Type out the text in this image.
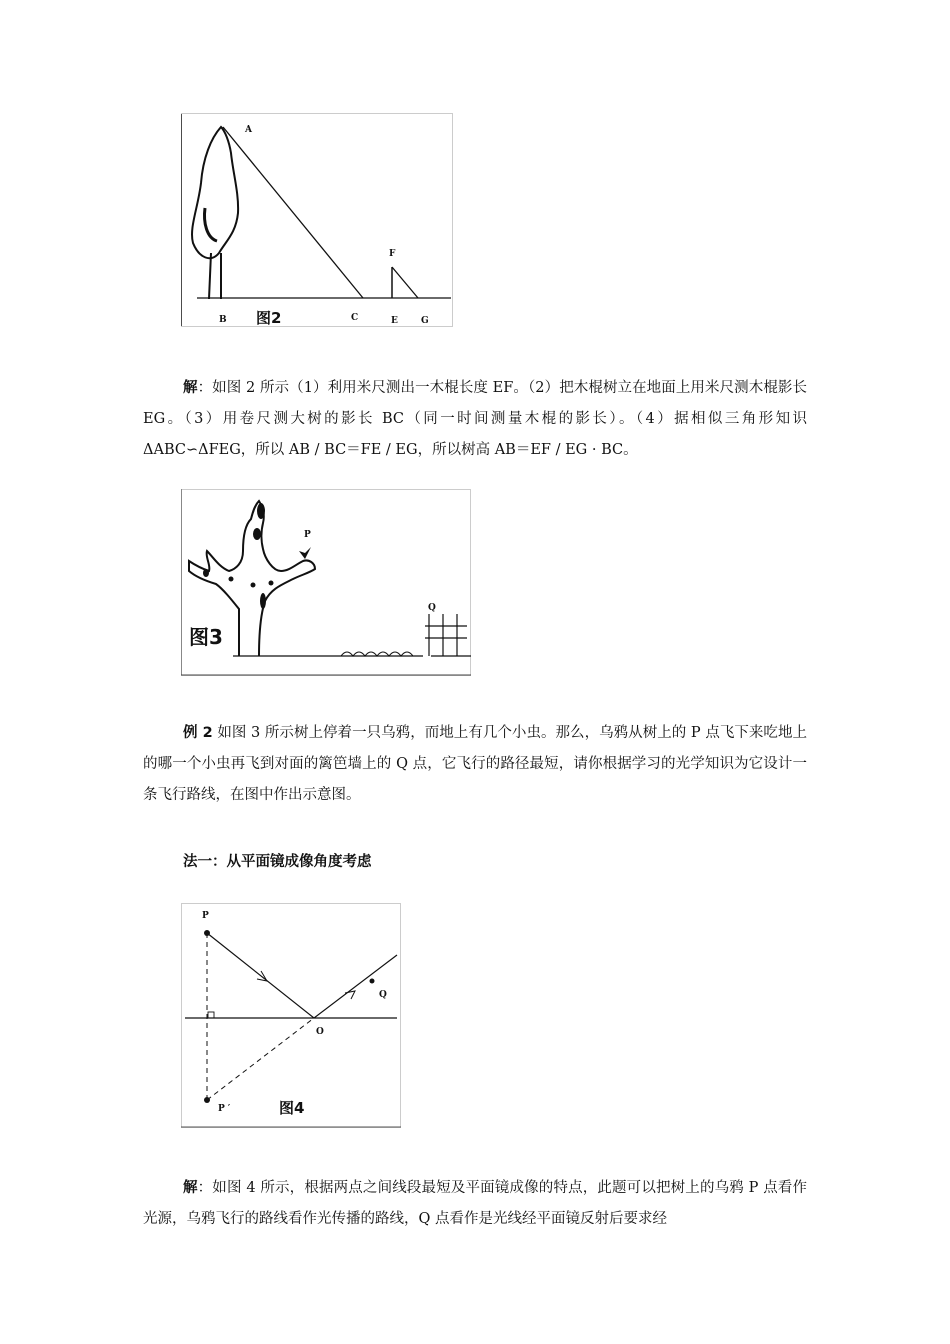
A
B	C
F
E	G
图2

解：如图 2 所示（1）利用米尺测出一木棍长度 EF。（2）把木棍树立在地面上用米尺测木棍影长 EG。（3）用卷尺测大树的影长 BC（同一时间测量木棍的影长）。（4）据相似三角形知识ΔABC∽ΔFEG，所以 AB / BC＝FE / EG，所以树高 AB＝EF / EG · BC。

P
Q
图3

例 2 如图 3 所示树上停着一只乌鸦，而地上有几个小虫。那么，乌鸦从树上的 P 点飞下来吃地上的哪一个小虫再飞到对面的篱笆墙上的 Q 点，它飞行的路径最短，请你根据学习的光学知识为它设计一条飞行路线，在图中作出示意图。

法一：从平面镜成像角度考虑
P
Q
O
P ′	图4

解：如图 4 所示，根据两点之间线段最短及平面镜成像的特点，此题可以把树上的乌鸦 P 点看作光源，乌鸦飞行的路线看作光传播的路线，Q 点看作是光线经平面镜反射后要求经
